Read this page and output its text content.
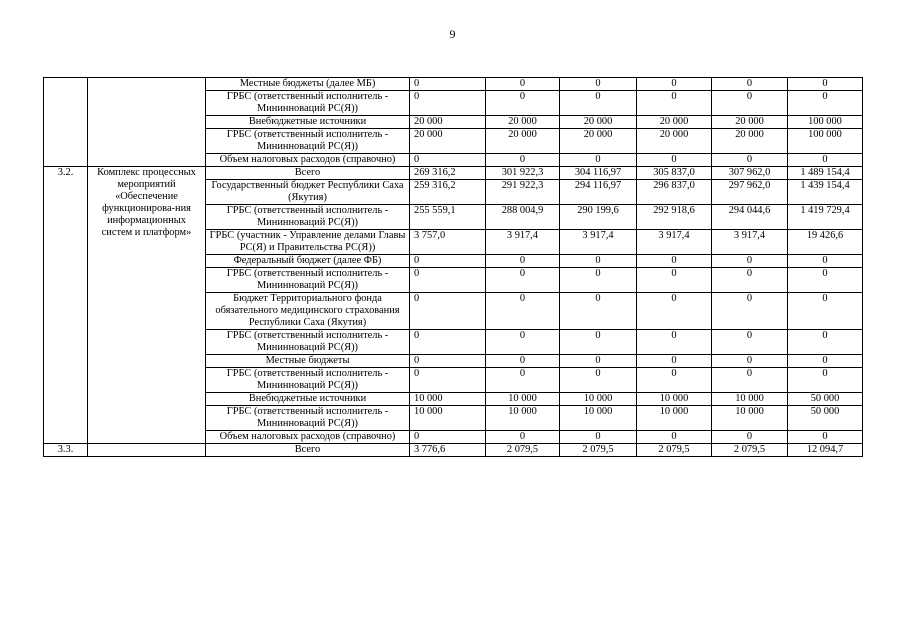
9
		Местные бюджеты (далее МБ)	0	0	0	0	0	0
		ГРБС (ответственный исполнитель - Мининноваций РС(Я))	0	0	0	0	0	0
		Внебюджетные источники	20 000	20 000	20 000	20 000	20 000	100 000
		ГРБС (ответственный исполнитель - Мининноваций РС(Я))	20 000	20 000	20 000	20 000	20 000	100 000
		Объем налоговых расходов (справочно)	0	0	0	0	0	0
3.2.	Комплекс процессных мероприятий «Обеспечение функционирова-ния информационных систем и платформ»	Всего	269 316,2	301 922,3	304 116,97	305 837,0	307 962,0	1 489 154,4
		Государственный бюджет Республики Саха (Якутия)	259 316,2	291 922,3	294 116,97	296 837,0	297 962,0	1 439 154,4
		ГРБС (ответственный исполнитель - Мининноваций РС(Я))	255 559,1	288 004,9	290 199,6	292 918,6	294 044,6	1 419 729,4
		ГРБС (участник - Управление делами Главы РС(Я) и Правительства РС(Я))	3 757,0	3 917,4	3 917,4	3 917,4	3 917,4	19 426,6
		Федеральный бюджет (далее ФБ)	0	0	0	0	0	0
		ГРБС (ответственный исполнитель - Мининноваций РС(Я))	0	0	0	0	0	0
		Бюджет Территориального фонда обязательного медицинского страхования Республики Саха (Якутия)	0	0	0	0	0	0
		ГРБС (ответственный исполнитель - Мининноваций РС(Я))	0	0	0	0	0	0
		Местные бюджеты	0	0	0	0	0	0
		ГРБС (ответственный исполнитель - Мининноваций РС(Я))	0	0	0	0	0	0
		Внебюджетные источники	10 000	10 000	10 000	10 000	10 000	50 000
		ГРБС (ответственный исполнитель - Мининноваций РС(Я))	10 000	10 000	10 000	10 000	10 000	50 000
		Объем налоговых расходов (справочно)	0	0	0	0	0	0
3.3.		Всего	3 776,6	2 079,5	2 079,5	2 079,5	2 079,5	12 094,7
